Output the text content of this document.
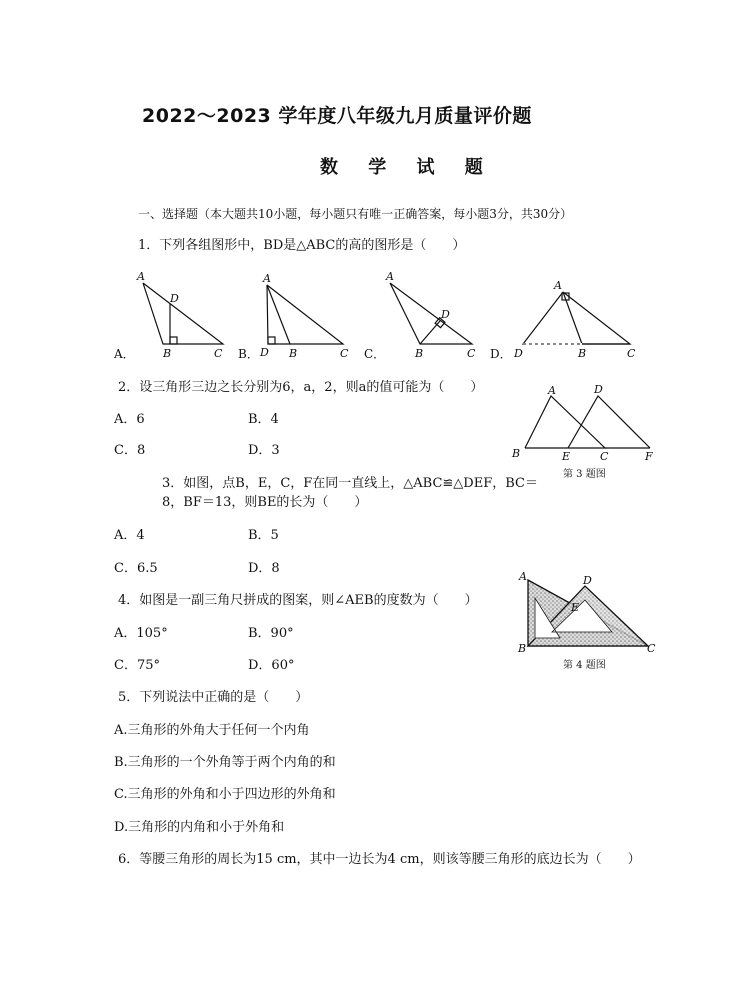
2022～2023 学年度八年级九月质量评价题
数 学 试 题
一、选择题（本大题共10小题，每小题只有唯一正确答案，每小题3分，共30分）
1．下列各组图形中，BD是△ABC的高的图形是（　　）
A．	B．	C．	D．
A
D
B	C
A
D B	C
A
D
B	C
A
D	B	C
2．设三角形三边之长分别为6，a，2，则a的值可能为（　　）
A．6	B．4
C．8	D．3
A	D
B	E	C	F
第 3 题图
3．如图，点B，E，C，F在同一直线上，△ABC≌△DEF，BC＝
8，BF＝13，则BE的长为（　　）
A．4	B．5
C．6.5	D．8
A	D
E
B	C
第 4 题图
4．如图是一副三角尺拼成的图案，则∠AEB的度数为（　　）
A．105°	B．90°
C．75°	D．60°
5．下列说法中正确的是（　　）
A.三角形的外角大于任何一个内角
B.三角形的一个外角等于两个内角的和
C.三角形的外角和小于四边形的外角和
D.三角形的内角和小于外角和
6．等腰三角形的周长为15 cm，其中一边长为4 cm，则该等腰三角形的底边长为（　　）
